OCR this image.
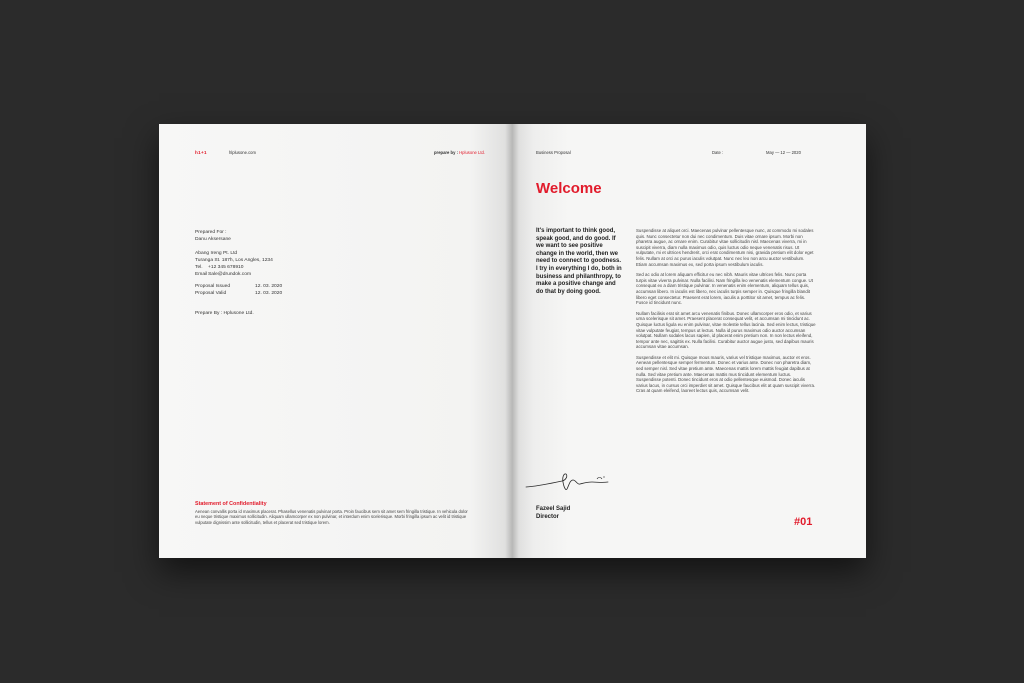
h1+1	hlplusone.com	prepare by : Hplusone Ltd.
Prepared For :
Danu Aksersane
Abang Ireng Pt. Ltd
Turanga St. 187h, Los Angles, 1234
Tel. +12 345 678910
Email Sale@drundok.com
Proposal Issued	12. 03. 2020
Proposal Valid	12. 03. 2020
Prepare By : Hplusone Ltd.
Statement of Confidentiality
Aenean convallis porta id maximus placerat. Phasellus venenatis pulvinar porta. Proin faucibus sem sit amet sem fringilla tristique. In vehicula dolor eu neque tristique maximus sollicitudin. Aliquam ullamcorper ex non pulvinar, et interdum enim scelerisque. Morbi fringilla ipsum ac velit id tristique vulputate dignissim ante sollicitudin, tellus et placerat sed tristique lorem.
Business Proposal	Date :	May — 12 — 2020
Welcome
It's important to think good, speak good, and do good. If we want to see positive change in the world, then we need to connect to goodness. I try in everything I do, both in business and philanthropy, to make a positive change and do that by doing good.

Suspendisse at aliquet orci. Maecenas pulvinar pellentesque nunc, at commodo mi sodales quis. Nunc consectetur non dui nec condimentum. Duis vitae ornare ipsum. Morbi non pharetra augue, ac ornare enim. Curabitur vitae sollicitudin nisl. Maecenas viverra, mi in suscipit viverra, diam nulla maximus odio, quis luctus odio neque venenatis risus. Ut vulputate, mi et ultrices hendrerit, orci erat condimentum nisi, gravida pretium elit dolor eget felis. Nullam at orci ac purus iaculis volutpat. Nunc nec leo non arcu auctor vestibulum. Etiam accumsan maximus ex, sed porta ipsum vestibulum iaculis.

Sed ac odio at lorem aliquam efficitur eu nec nibh. Mauris vitae ultrices felis. Nunc porta turpis vitae viverra pulvinar. Nulla facilisi. Nam fringilla leo venenatis elementum congue. Ut consequat ex a diam tristique pulvinar. In venenatis enim elementum, aliquam tellus quis, accumsan libero. In iaculis est libero, nec iaculis turpis semper in. Quisque fringilla blandit libero eget consectetur. Praesent erat lorem, iaculis a porttitor sit amet, tempus ac felis. Fusce id tincidunt nunc.

Nullam facilisis erat sit amet arcu venenatis finibus. Donec ullamcorper eros odio, et varius urna scelerisque sit amet. Praesent placerat consequat velit, et accumsan mi tincidunt ac. Quisque luctus ligula eu enim pulvinar, vitae molestie tellus lacinia. Sed enim lectus, tristique vitae vulputate feugiat, tempus ut lectus. Nulla id purus maximus odio auctor accumsan volutpat. Nullam sodales lacus sapien, id placerat enim pretium non. In non lectus eleifend, tempor ante nec, sagittis ex. Nulla facilisi. Curabitur auctor augue justo, sed dapibus mauris accumsan vitae accumsan.

Suspendisse et elit mi. Quisque mous mauris, varius vel tristique maximus, auctor et eros. Aenean pellentesque semper fermentum. Donec et varius ante. Donec non pharetra diam, sed semper nisl. Sed vitae pretium ante. Maecenas mattis lorem mattis feugiat dapibus at nulla. Sed vitae pretium ante. Maecenas mattis mus tincidunt elementum luctus. Suspendisse potenti. Donec tincidunt eros at odio pellentesque euismod. Donec iaculis varius lacus, in cursus orci imperdiet sit amet. Quisque faucibus elit at quam suscipit viverra. Cras at quam eleifend, laoreet lectus quis, accumsan velit.

Fazeel Sajid
Director	#01
